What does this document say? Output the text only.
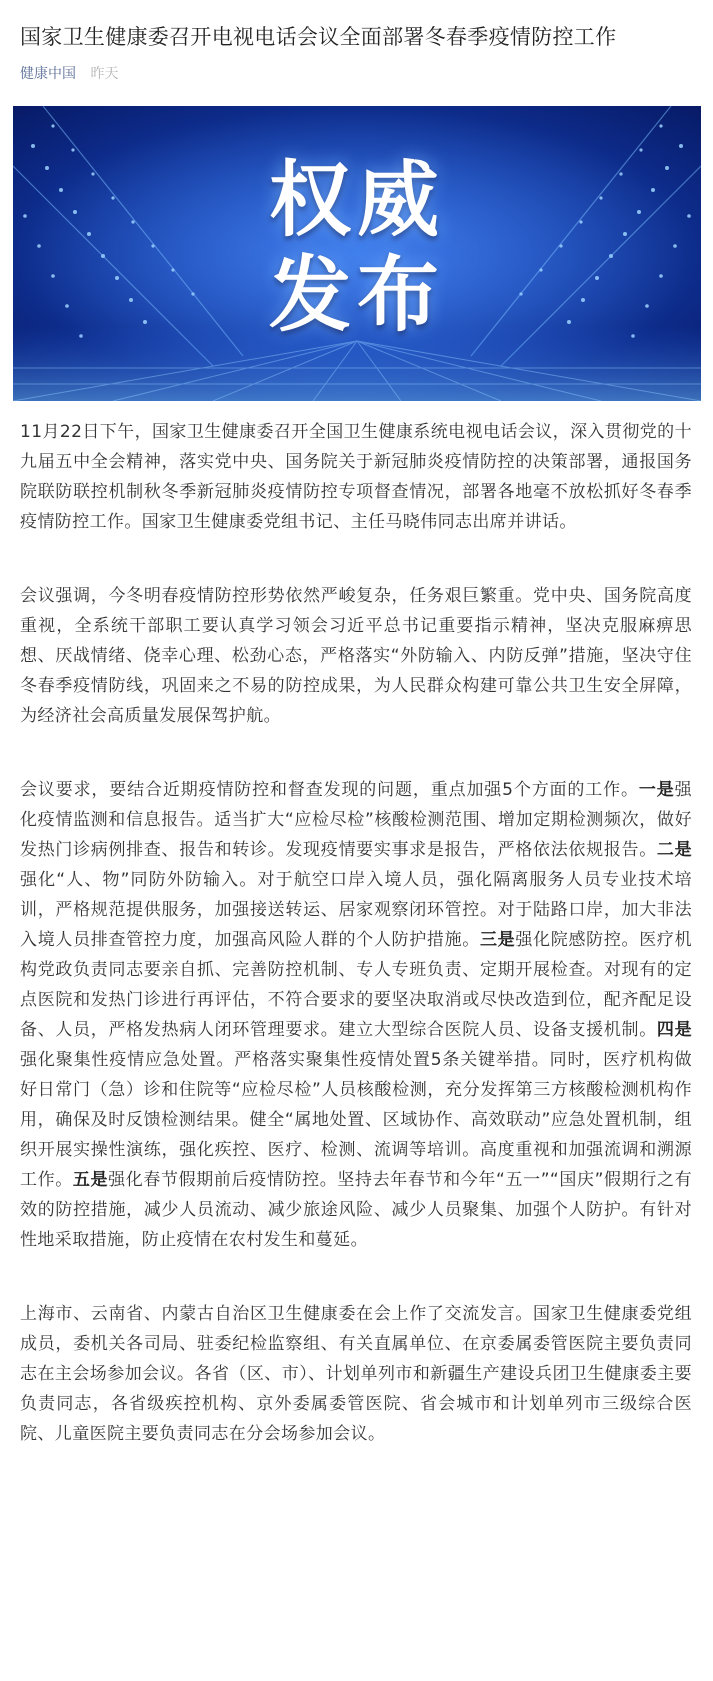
国家卫生健康委召开电视电话会议全面部署冬春季疫情防控工作
健康中国 昨天
权威
发布

11月22日下午，国家卫生健康委召开全国卫生健康系统电视电话会议，深入贯彻党的十九届五中全会精神，落实党中央、国务院关于新冠肺炎疫情防控的决策部署，通报国务院联防联控机制秋冬季新冠肺炎疫情防控专项督查情况，部署各地毫不放松抓好冬春季疫情防控工作。国家卫生健康委党组书记、主任马晓伟同志出席并讲话。

会议强调，今冬明春疫情防控形势依然严峻复杂，任务艰巨繁重。党中央、国务院高度重视，全系统干部职工要认真学习领会习近平总书记重要指示精神，坚决克服麻痹思想、厌战情绪、侥幸心理、松劲心态，严格落实“外防输入、内防反弹”措施，坚决守住冬春季疫情防线，巩固来之不易的防控成果，为人民群众构建可靠公共卫生安全屏障，为经济社会高质量发展保驾护航。

会议要求，要结合近期疫情防控和督查发现的问题，重点加强5个方面的工作。一是强化疫情监测和信息报告。适当扩大“应检尽检”核酸检测范围、增加定期检测频次，做好发热门诊病例排查、报告和转诊。发现疫情要实事求是报告，严格依法依规报告。二是强化“人、物”同防外防输入。对于航空口岸入境人员，强化隔离服务人员专业技术培训，严格规范提供服务，加强接送转运、居家观察闭环管控。对于陆路口岸，加大非法入境人员排查管控力度，加强高风险人群的个人防护措施。三是强化院感防控。医疗机构党政负责同志要亲自抓、完善防控机制、专人专班负责、定期开展检查。对现有的定点医院和发热门诊进行再评估，不符合要求的要坚决取消或尽快改造到位，配齐配足设备、人员，严格发热病人闭环管理要求。建立大型综合医院人员、设备支援机制。四是强化聚集性疫情应急处置。严格落实聚集性疫情处置5条关键举措。同时，医疗机构做好日常门（急）诊和住院等“应检尽检”人员核酸检测，充分发挥第三方核酸检测机构作用，确保及时反馈检测结果。健全“属地处置、区域协作、高效联动”应急处置机制，组织开展实操性演练，强化疾控、医疗、检测、流调等培训。高度重视和加强流调和溯源工作。五是强化春节假期前后疫情防控。坚持去年春节和今年“五一”“国庆”假期行之有效的防控措施，减少人员流动、减少旅途风险、减少人员聚集、加强个人防护。有针对性地采取措施，防止疫情在农村发生和蔓延。

上海市、云南省、内蒙古自治区卫生健康委在会上作了交流发言。国家卫生健康委党组成员，委机关各司局、驻委纪检监察组、有关直属单位、在京委属委管医院主要负责同志在主会场参加会议。各省（区、市）、计划单列市和新疆生产建设兵团卫生健康委主要负责同志，各省级疾控机构、京外委属委管医院、省会城市和计划单列市三级综合医院、儿童医院主要负责同志在分会场参加会议。
